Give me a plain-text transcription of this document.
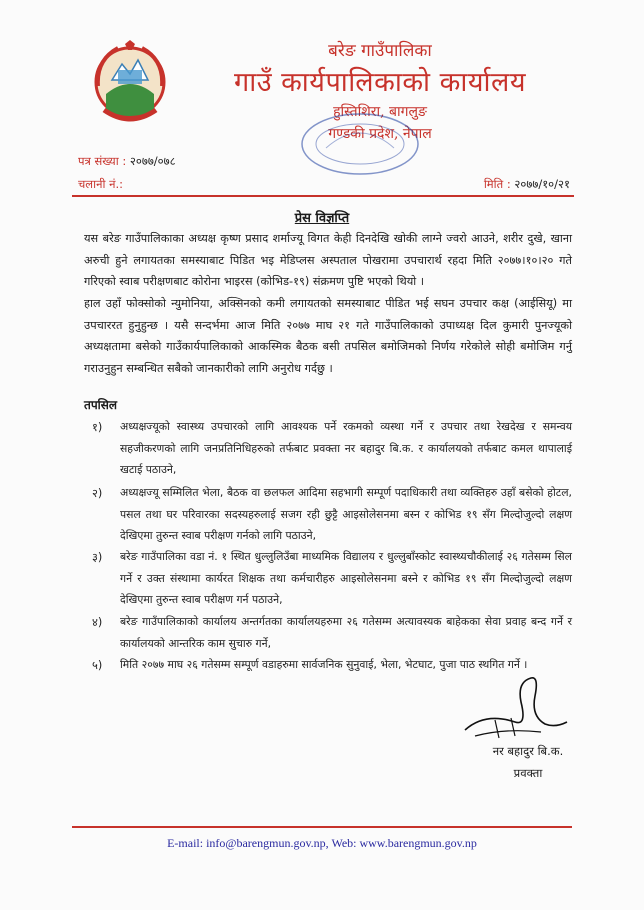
बरेङ गाउँपालिका
गाउँ कार्यपालिकाको कार्यालय
हुस्तिशिरा, बागलुङ
गण्डकी प्रदेश, नेपाल
पत्र संख्या : २०७७/०७८
चलानी नं.:	मिति : २०७७/१०/२१
प्रेस विज्ञप्ति
यस बरेङ गाउँपालिकाका अध्यक्ष कृष्ण प्रसाद शर्माज्यू विगत केही दिनदेखि खोकी लाग्ने ज्वरो आउने, शरीर दुखे, खाना अरुची हुने लगायतका समस्याबाट पिडित भइ मेडिप्लस अस्पताल पोखरामा उपचारार्थ रहदा मिति २०७७।१०।२० गते गरिएको स्वाब परीक्षणबाट कोरोना भाइरस (कोभिड-१९) संक्रमण पुष्टि भएको थियो ।
हाल उहाँ फोक्सोको न्युमोनिया, अक्सिनको कमी लगायतको समस्याबाट पीडित भई सघन उपचार कक्ष (आईसियू) मा उपचाररत हुनुहुन्छ । यसै सन्दर्भमा आज मिति २०७७ माघ २१ गते गाउँपालिकाको उपाध्यक्ष दिल कुमारी पुनज्यूको अध्यक्षतामा बसेको गाउँकार्यपालिकाको आकस्मिक बैठक बसी तपसिल बमोजिमको निर्णय गरेकोले सोही बमोजिम गर्नु गराउनुहुन सम्बन्धित सबैको जानकारीको लागि अनुरोध गर्दछु ।
तपसिल
१) अध्यक्षज्यूको स्वास्थ्य उपचारको लागि आवश्यक पर्ने रकमको व्यस्था गर्ने र उपचार तथा रेखदेख र समन्वय सहजीकरणको लागि जनप्रतिनिधिहरुको तर्फबाट प्रवक्ता नर बहादुर बि.क. र कार्यालयको तर्फबाट कमल थापालाई खटाई पठाउने,
२) अध्यक्षज्यू सम्मिलित भेला, बैठक वा छलफल आदिमा सहभागी सम्पूर्ण पदाधिकारी तथा व्यक्तिहरु उहाँ बसेको होटल, पसल तथा घर परिवारका सदस्यहरुलाई सजग रही छुट्टै आइसोलेसनमा बस्न र कोभिड १९ सँग मिल्दोजुल्दो लक्षण देखिएमा तुरुन्त स्वाब परीक्षण गर्नको लागि पठाउने,
३) बरेङ गाउँपालिका वडा नं. १ स्थित धुल्लुलिउँबा माध्यमिक विद्यालय र धुल्लुबाँस्कोट स्वास्थ्यचौकीलाई २६ गतेसम्म सिल गर्ने र उक्त संस्थामा कार्यरत शिक्षक तथा कर्मचारीहरु आइसोलेसनमा बस्ने र कोभिड १९ सँग मिल्दोजुल्दो लक्षण देखिएमा तुरुन्त स्वाब परीक्षण गर्न पठाउने,
४) बरेङ गाउँपालिकाको कार्यालय अन्तर्गतका कार्यालयहरुमा २६ गतेसम्म अत्यावस्यक बाहेकका सेवा प्रवाह बन्द गर्ने र कार्यालयको आन्तरिक काम सुचारु गर्ने,
५) मिति २०७७ माघ २६ गतेसम्म सम्पूर्ण वडाहरुमा सार्वजनिक सुनुवाई, भेला, भेटघाट, पुजा पाठ स्थगित गर्ने ।
नर बहादुर बि.क.
प्रवक्ता
E-mail: info@barengmun.gov.np, Web: www.barengmun.gov.np
